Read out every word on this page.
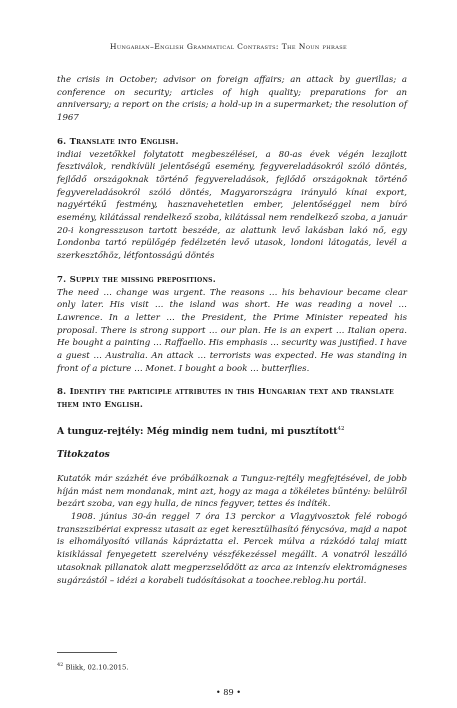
Hungarian–English Grammatical Contrasts: The Noun phrase

the crisis in October; advisor on foreign affairs; an attack by guerillas; a conference on security; articles of high quality; preparations for an anniversary; a report on the crisis; a hold-up in a supermarket; the resolution of 1967

6. Translate into English.

indiai vezetőkkel folytatott megbeszélései, a 80-as évek végén lezajlott fesztiválok, rendkívüli jelentőségű esemény, fegyvereladásokról szóló döntés, fejlődő országoknak történő fegyvereladások, fejlődő országoknak történő fegyvereladásokról szóló döntés, Magyarországra irányuló kínai export, nagyértékű festmény, hasznavehetetlen ember, jelentőséggel nem bíró esemény, kilátással rendelkező szoba, kilátással nem rendelkező szoba, a január 20-i kongresszuson tartott beszéde, az alattunk levő lakásban lakó nő, egy Londonba tartó repülőgép fedélzetén levő utasok, londoni látogatás, levél a szerkesztőhöz, létfontosságú döntés

7. Supply the missing prepositions.

The need … change was urgent. The reasons … his behaviour became clear only later. His visit … the island was short. He was reading a novel … Lawrence. In a letter … the President, the Prime Minister repeated his proposal. There is strong support … our plan. He is an expert … Italian opera. He bought a painting … Raffaello. His emphasis … security was justified. I have a guest … Australia. An attack … terrorists was expected. He was standing in front of a picture … Monet. I bought a book … butterflies.

8. Identify the participle attributes in this Hungarian text and translate them into English.

A tunguz-rejtély: Még mindig nem tudni, mi pusztított$^{42}$

Titokzatos

Kutatók már százhét éve próbálkoznak a Tunguz-rejtély megfejtésével, de jobb híján mást nem mondanak, mint azt, hogy az maga a tökéletes bűntény: belülről bezárt szoba, van egy hulla, de nincs fegyver, tettes és indíték.

1908. június 30-án reggel 7 óra 13 perckor a Vlagyivosztok felé robogó transzszibériai expressz utasait az eget keresztülhasító fénycsóva, majd a napot is elhomályosító villanás kápráztatta el. Percek múlva a rázkódó talaj miatt kisiklással fenyegetett szerelvény vészfékezéssel megállt. A vonatról leszálló utasoknak pillanatok alatt megperzselődött az arca az intenzív elektromágneses sugárzástól – idézi a korabeli tudósításokat a toochee.reblog.hu portál.

$^{42}$ Blikk, 02.10.2015.
• 89 •
